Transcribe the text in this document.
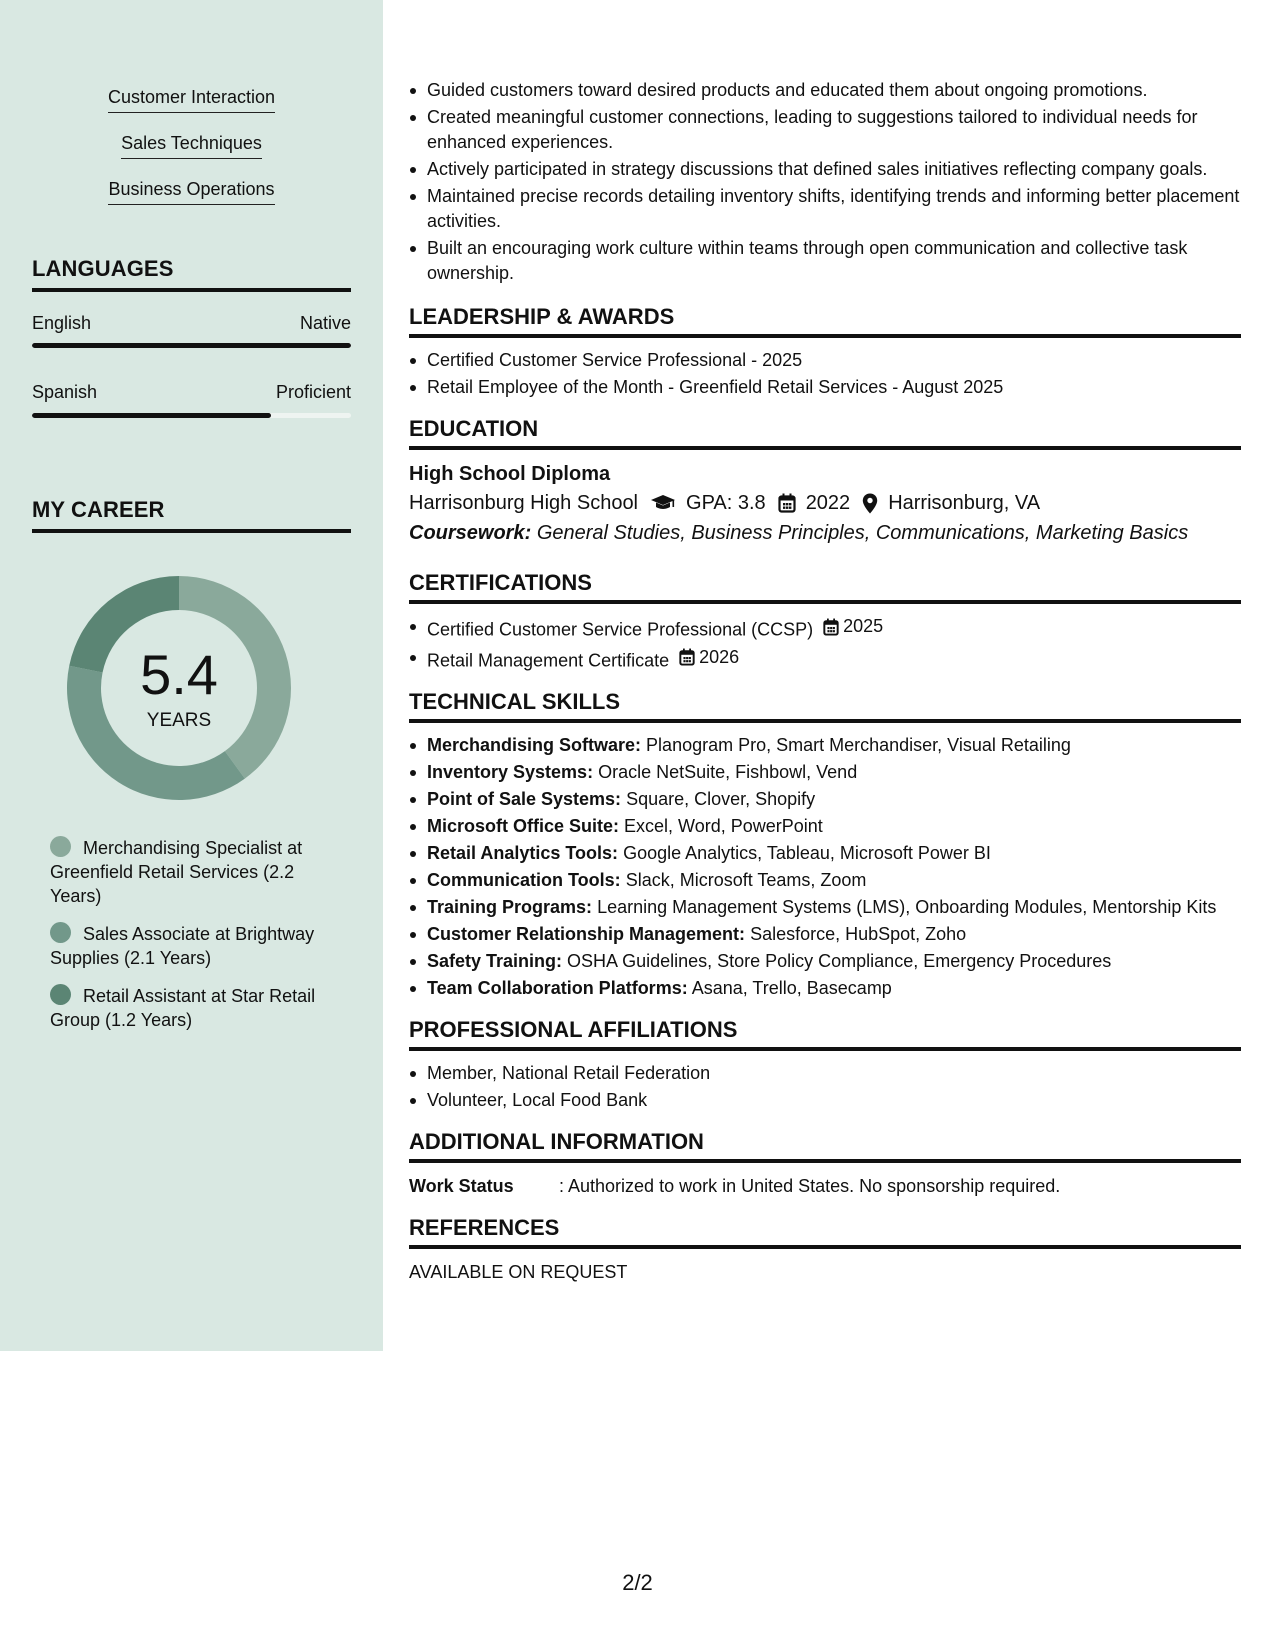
Customer Interaction
Sales Techniques
Business Operations
LANGUAGES
English	Native
Spanish	Proficient
MY CAREER
5.4
YEARS
Merchandising Specialist at Greenfield Retail Services (2.2 Years)
Sales Associate at Brightway Supplies (2.1 Years)
Retail Assistant at Star Retail Group (1.2 Years)
Guided customers toward desired products and educated them about ongoing promotions.
Created meaningful customer connections, leading to suggestions tailored to individual needs for enhanced experiences.
Actively participated in strategy discussions that defined sales initiatives reflecting company goals.
Maintained precise records detailing inventory shifts, identifying trends and informing better placement activities.
Built an encouraging work culture within teams through open communication and collective task ownership.
LEADERSHIP & AWARDS
Certified Customer Service Professional - 2025
Retail Employee of the Month - Greenfield Retail Services - August 2025
EDUCATION
High School Diploma
Harrisonburg High School GPA: 3.8 2022 Harrisonburg, VA
Coursework: General Studies, Business Principles, Communications, Marketing Basics
CERTIFICATIONS
Certified Customer Service Professional (CCSP) 2025
Retail Management Certificate 2026
TECHNICAL SKILLS
Merchandising Software: Planogram Pro, Smart Merchandiser, Visual Retailing
Inventory Systems: Oracle NetSuite, Fishbowl, Vend
Point of Sale Systems: Square, Clover, Shopify
Microsoft Office Suite: Excel, Word, PowerPoint
Retail Analytics Tools: Google Analytics, Tableau, Microsoft Power BI
Communication Tools: Slack, Microsoft Teams, Zoom
Training Programs: Learning Management Systems (LMS), Onboarding Modules, Mentorship Kits
Customer Relationship Management: Salesforce, HubSpot, Zoho
Safety Training: OSHA Guidelines, Store Policy Compliance, Emergency Procedures
Team Collaboration Platforms: Asana, Trello, Basecamp
PROFESSIONAL AFFILIATIONS
Member, National Retail Federation
Volunteer, Local Food Bank
ADDITIONAL INFORMATION
Work Status	: Authorized to work in United States. No sponsorship required.
REFERENCES
AVAILABLE ON REQUEST
2/2
